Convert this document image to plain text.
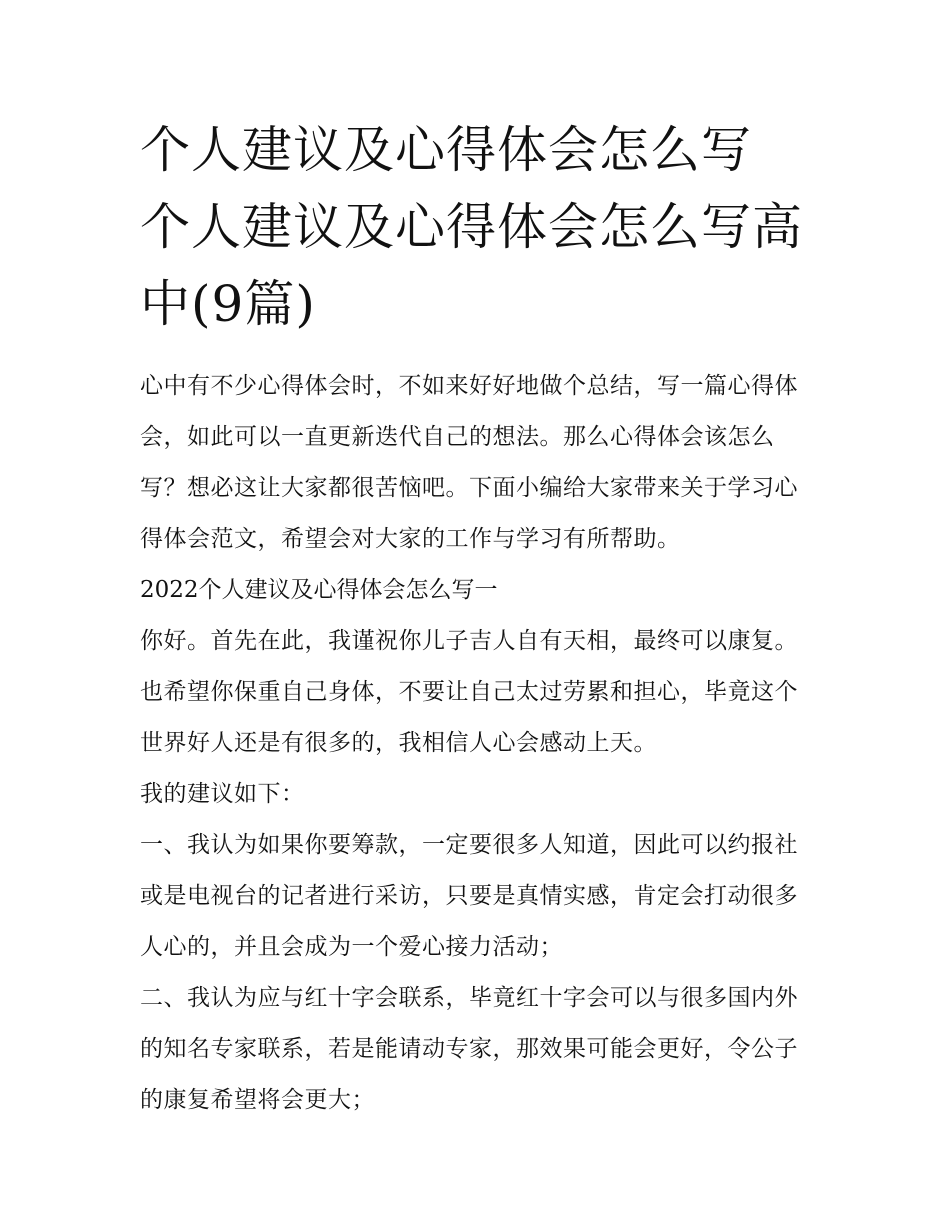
个人建议及心得体会怎么写 个人建议及心得体会怎么写高中(9篇)

心中有不少心得体会时，不如来好好地做个总结，写一篇心得体会，如此可以一直更新迭代自己的想法。那么心得体会该怎么写？想必这让大家都很苦恼吧。下面小编给大家带来关于学习心得体会范文，希望会对大家的工作与学习有所帮助。

2022个人建议及心得体会怎么写一

你好。首先在此，我谨祝你儿子吉人自有天相，最终可以康复。也希望你保重自己身体，不要让自己太过劳累和担心，毕竟这个世界好人还是有很多的，我相信人心会感动上天。

我的建议如下：

一、我认为如果你要筹款，一定要很多人知道，因此可以约报社或是电视台的记者进行采访，只要是真情实感，肯定会打动很多人心的，并且会成为一个爱心接力活动；

二、我认为应与红十字会联系，毕竟红十字会可以与很多国内外的知名专家联系，若是能请动专家，那效果可能会更好，令公子的康复希望将会更大；
